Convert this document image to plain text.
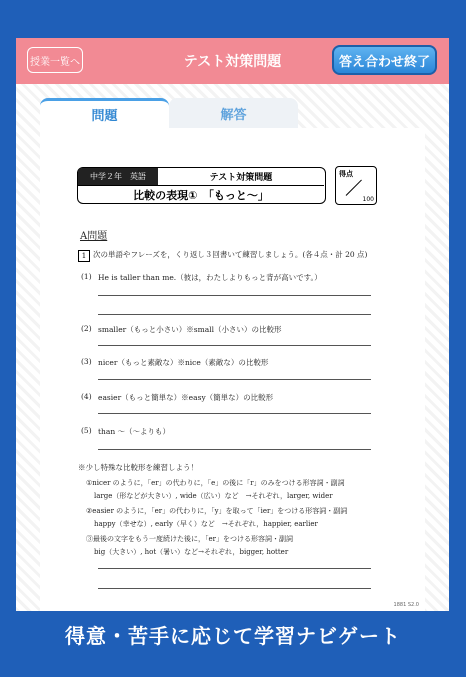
授業一覧へ	テスト対策問題	答え合わせ終了
問題	解答
中学２年　英語	テスト対策問題
比較の表現①　「もっと〜」
得点
100
A問題
1 次の単語やフレーズを，くり返し３回書いて練習しましょう。(各４点・計 20 点)
(1) He is taller than me.（彼は，わたしよりもっと背が高いです。）
(2) smaller（もっと小さい）※small（小さい）の比較形
(3) nicer（もっと素敵な）※nice（素敵な）の比較形
(4) easier（もっと簡単な）※easy（簡単な）の比較形
(5) than 〜（〜よりも）
※少し特殊な比較形を練習しよう！
①nicer のように，「er」の代わりに，「e」の後に「r」のみをつける形容詞・副詞
large（形などが大きい）, wide（広い）など　→それぞれ，larger, wider
②easier のように，「er」の代わりに，「y」を取って「ier」をつける形容詞・副詞
happy（幸せな）, early（早く）など　→それぞれ，happier, earlier
③最後の文字をもう一度続けた後に，「er」をつける形容詞・副詞
big（大きい）, hot（暑い）など→それぞれ，bigger, hotter
1881 S2.0
得意・苦手に応じて学習ナビゲート
